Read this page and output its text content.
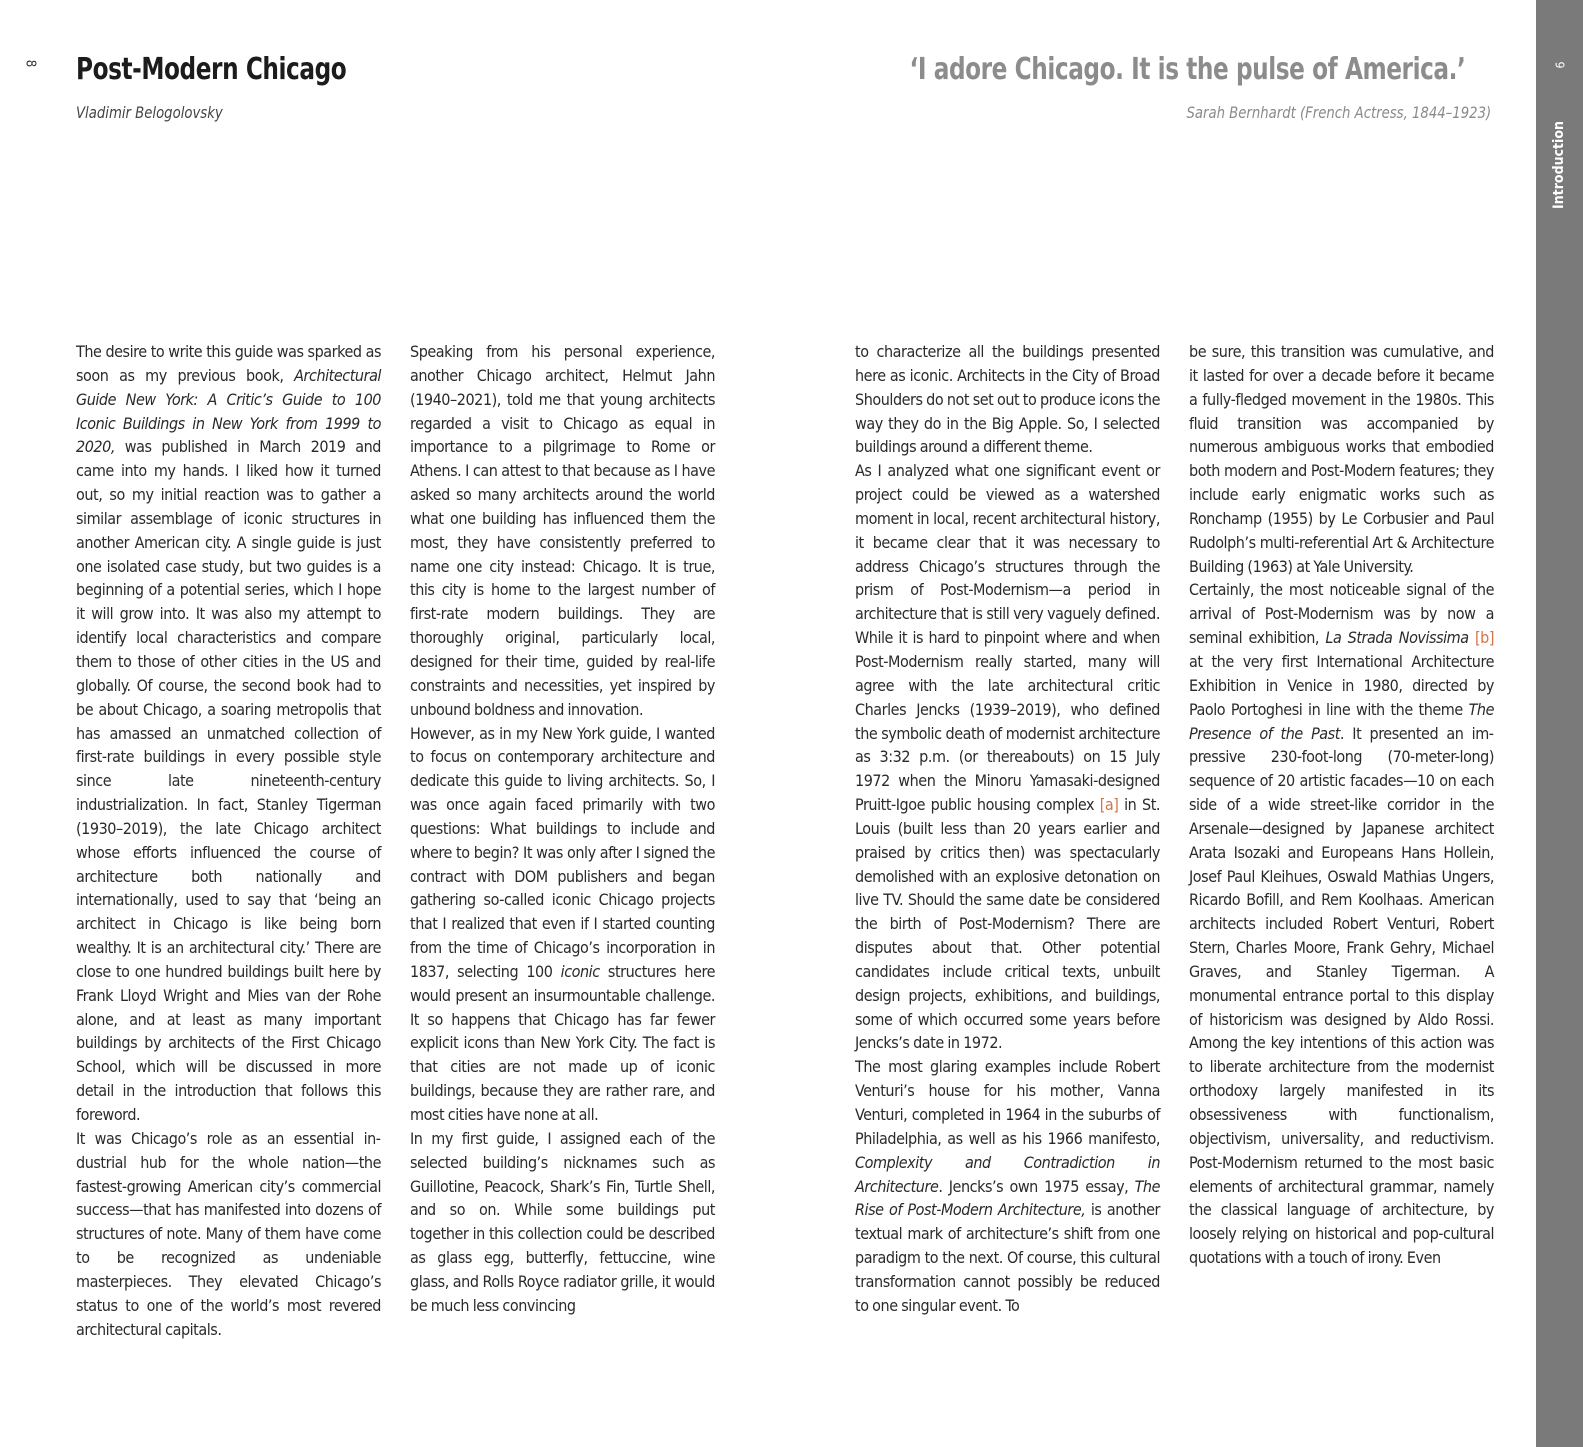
8 Post-Modern Chicago
Vladimir Belogolovsky
‘I adore Chicago. It is the pulse of America.’
Sarah Bernhardt (French Actress, 1844–1923)
9
Introduction

The desire to write this guide was sparked as soon as my previous book, Architectural Guide New York: A Critic’s Guide to 100 Iconic Buildings in New York from 1999 to 2020, was published in March 2019 and came into my hands. I liked how it turned out, so my initial reaction was to gather a similar assemblage of iconic structures in another American city. A single guide is just one isolated case study, but two guides is a beginning of a potential series, which I hope it will grow into. It was also my attempt to identify local characteristics and compare them to those of other cities in the US and globally. Of course, the second book had to be about Chicago, a soaring metropolis that has amassed an unmatched collection of first-rate buildings in every possible style since late nineteenth-century industrialization. In fact, Stanley Tigerman (1930–2019), the late Chicago architect whose efforts influenced the course of architecture both nationally and internationally, used to say that ‘being an architect in Chicago is like being born wealthy. It is an architectural city.’ There are close to one hundred buildings built here by Frank Lloyd Wright and Mies van der Rohe alone, and at least as many important buildings by architects of the First Chicago School, which will be discussed in more detail in the introduction that follows this foreword.

It was Chicago’s role as an essential industrial hub for the whole nation—the fastest-growing American city’s commercial success—that has manifested into dozens of structures of note. Many of them have come to be recognized as undeniable masterpieces. They elevated Chicago’s status to one of the world’s most revered architectural capitals.

Speaking from his personal experience, another Chicago architect, Helmut Jahn (1940–2021), told me that young architects regarded a visit to Chicago as equal in importance to a pilgrimage to Rome or Athens. I can attest to that because as I have asked so many architects around the world what one building has influenced them the most, they have consistently preferred to name one city instead: Chicago. It is true, this city is home to the largest number of first-rate modern buildings. They are thoroughly original, particularly local, designed for their time, guided by real-life constraints and necessities, yet inspired by unbound boldness and innovation.

However, as in my New York guide, I wanted to focus on contemporary architecture and dedicate this guide to living architects. So, I was once again faced primarily with two questions: What buildings to include and where to begin? It was only after I signed the contract with DOM publishers and began gathering so-called iconic Chicago projects that I realized that even if I started counting from the time of Chicago’s incorporation in 1837, selecting 100 iconic structures here would present an insurmountable challenge. It so happens that Chicago has far fewer explicit icons than New York City. The fact is that cities are not made up of iconic buildings, because they are rather rare, and most cities have none at all.

In my first guide, I assigned each of the selected building’s nicknames such as Guillotine, Peacock, Shark’s Fin, Turtle Shell, and so on. While some buildings put together in this collection could be described as glass egg, butterfly, fettuccine, wine glass, and Rolls Royce radiator grille, it would be much less convincing

to characterize all the buildings presented here as iconic. Architects in the City of Broad Shoulders do not set out to produce icons the way they do in the Big Apple. So, I selected buildings around a different theme.

As I analyzed what one significant event or project could be viewed as a watershed moment in local, recent architectural history, it became clear that it was necessary to address Chicago’s structures through the prism of Post-Modernism—a period in architecture that is still very vaguely defined. While it is hard to pinpoint where and when Post-Modernism really started, many will agree with the late architectural critic Charles Jencks (1939–2019), who defined the symbolic death of modernist architecture as 3:32 p.m. (or thereabouts) on 15 July 1972 when the Minoru Yamasaki-designed Pruitt-Igoe public housing complex [a] in St. Louis (built less than 20 years earlier and praised by critics then) was spectacularly demolished with an explosive detonation on live TV. Should the same date be considered the birth of Post-Modernism? There are disputes about that. Other potential candidates include critical texts, unbuilt design projects, exhibitions, and buildings, some of which occurred some years before Jencks’s date in 1972.

The most glaring examples include Robert Venturi’s house for his mother, Vanna Venturi, completed in 1964 in the suburbs of Philadelphia, as well as his 1966 manifesto, Complexity and Contradiction in Architecture. Jencks’s own 1975 essay, The Rise of Post-Modern Architecture, is another textual mark of architecture’s shift from one paradigm to the next. Of course, this cultural transformation cannot possibly be reduced to one singular event. To

be sure, this transition was cumulative, and it lasted for over a decade before it became a fully-fledged movement in the 1980s. This fluid transition was accompanied by numerous ambiguous works that embodied both modern and Post-Modern features; they include early enigmatic works such as Ronchamp (1955) by Le Corbusier and Paul Rudolph’s multi-referential Art & Architecture Building (1963) at Yale University.

Certainly, the most noticeable signal of the arrival of Post-Modernism was by now a seminal exhibition, La Strada Novissima [b] at the very first International Architecture Exhibition in Venice in 1980, directed by Paolo Portoghesi in line with the theme The Presence of the Past. It presented an impressive 230-foot-long (70-meter-long) sequence of 20 artistic facades—10 on each side of a wide street-like corridor in the Arsenale—designed by Japanese architect Arata Isozaki and Europeans Hans Hollein, Josef Paul Kleihues, Oswald Mathias Ungers, Ricardo Bofill, and Rem Koolhaas. American architects included Robert Venturi, Robert Stern, Charles Moore, Frank Gehry, Michael Graves, and Stanley Tigerman. A monumental entrance portal to this display of historicism was designed by Aldo Rossi. Among the key intentions of this action was to liberate architecture from the modernist orthodoxy largely manifested in its obsessiveness with functionalism, objectivism, universality, and reductivism. Post-Modernism returned to the most basic elements of architectural grammar, namely the classical language of architecture, by loosely relying on historical and pop-cultural quotations with a touch of irony. Even
